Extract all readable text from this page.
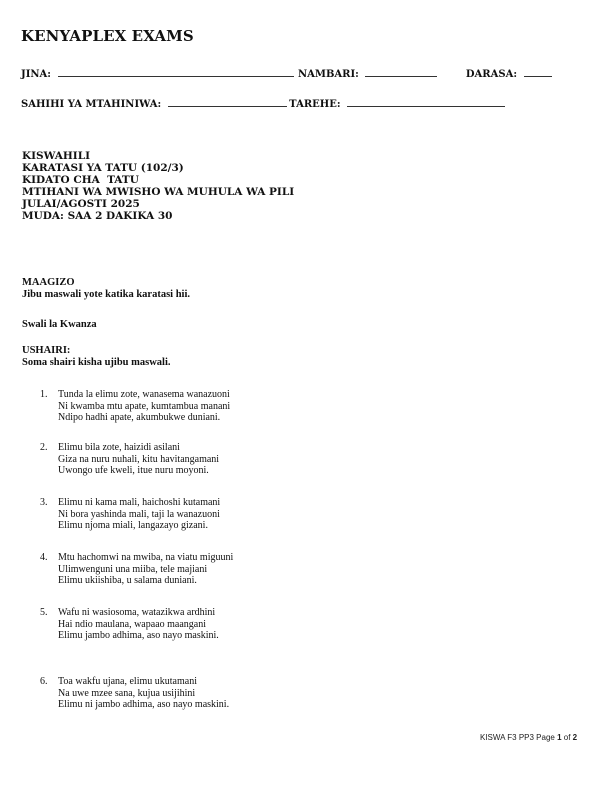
KENYAPLEX EXAMS
JINA:	NAMBARI:	DARASA:
SAHIHI YA MTAHINIWA:	TAREHE:
KISWAHILI
KARATASI YA TATU (102/3)
KIDATO CHA  TATU
MTIHANI WA MWISHO WA MUHULA WA PILI
JULAI/AGOSTI 2025
MUDA: SAA 2 DAKIKA 30
MAAGIZO
Jibu maswali yote katika karatasi hii.
Swali la Kwanza
USHAIRI:
Soma shairi kisha ujibu maswali.
1. Tunda la elimu zote, wanasema wanazuoni
Ni kwamba mtu apate, kumtambua manani
Ndipo hadhi apate, akumbukwe duniani.
2. Elimu bila zote, haizidi asilani
Giza na nuru nuhali, kitu havitangamani
Uwongo ufe kweli, itue nuru moyoni.
3. Elimu ni kama mali, haichoshi kutamani
Ni bora yashinda mali, taji la wanazuoni
Elimu njoma miali, langazayo gizani.
4. Mtu hachomwi na mwiba, na viatu miguuni
Ulimwenguni una miiba, tele majiani
Elimu ukiishiba, u salama duniani.
5. Wafu ni wasiosoma, watazikwa ardhini
Hai ndio maulana, wapaao maangani
Elimu jambo adhima, aso nayo maskini.
6. Toa wakfu ujana, elimu ukutamani
Na uwe mzee sana, kujua usijihini
Elimu ni jambo adhima, aso nayo maskini.
KISWA F3 PP3 Page 1 of 2
